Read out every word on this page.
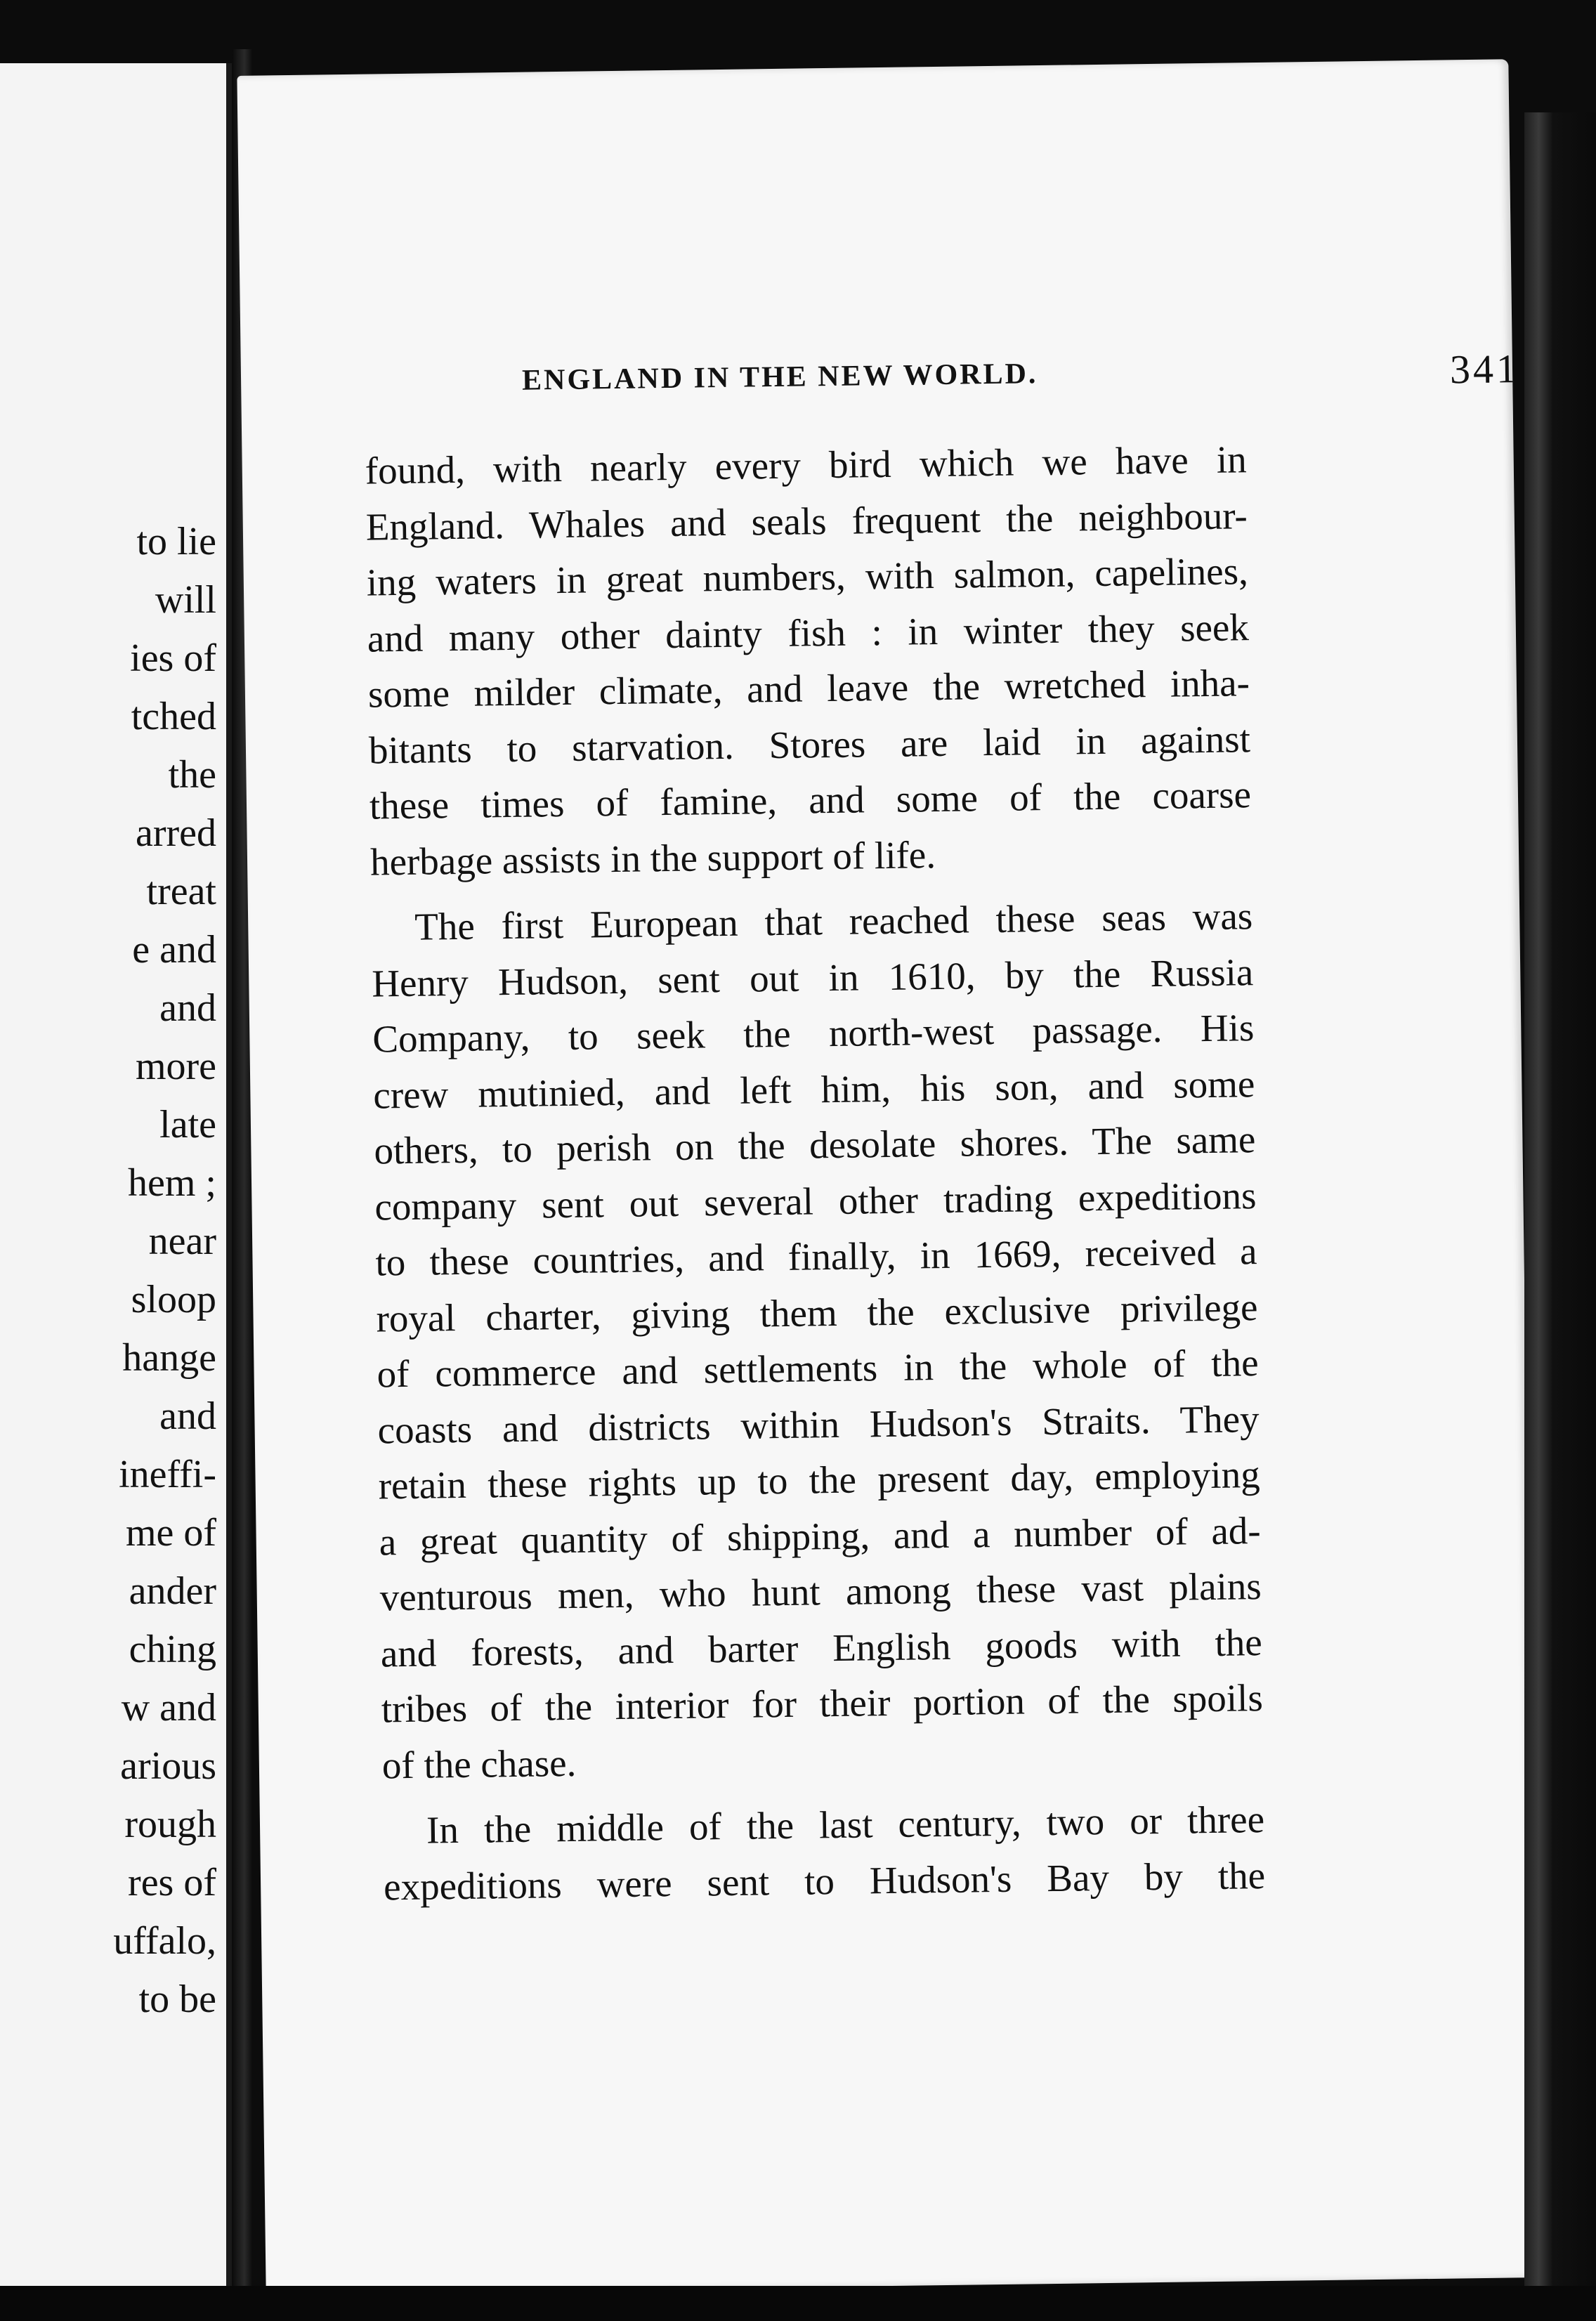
to lie
will
ies of
tched
the
arred
treat
e and
and
more
late
hem ;
near
sloop
hange
and
ineffi-
me of
ander
ching
w and
arious
rough
res of
uffalo,
to be
ENGLAND IN THE NEW WORLD.	341
found, with nearly every bird which we have in
England. Whales and seals frequent the neighbour-
ing waters in great numbers, with salmon, capelines,
and many other dainty fish : in winter they seek
some milder climate, and leave the wretched inha-
bitants to starvation. Stores are laid in against
these times of famine, and some of the coarse
herbage assists in the support of life.
The first European that reached these seas was
Henry Hudson, sent out in 1610, by the Russia
Company, to seek the north-west passage. His
crew mutinied, and left him, his son, and some
others, to perish on the desolate shores. The same
company sent out several other trading expeditions
to these countries, and finally, in 1669, received a
royal charter, giving them the exclusive privilege
of commerce and settlements in the whole of the
coasts and districts within Hudson's Straits. They
retain these rights up to the present day, employing
a great quantity of shipping, and a number of ad-
venturous men, who hunt among these vast plains
and forests, and barter English goods with the
tribes of the interior for their portion of the spoils
of the chase.
In the middle of the last century, two or three
expeditions were sent to Hudson's Bay by the
